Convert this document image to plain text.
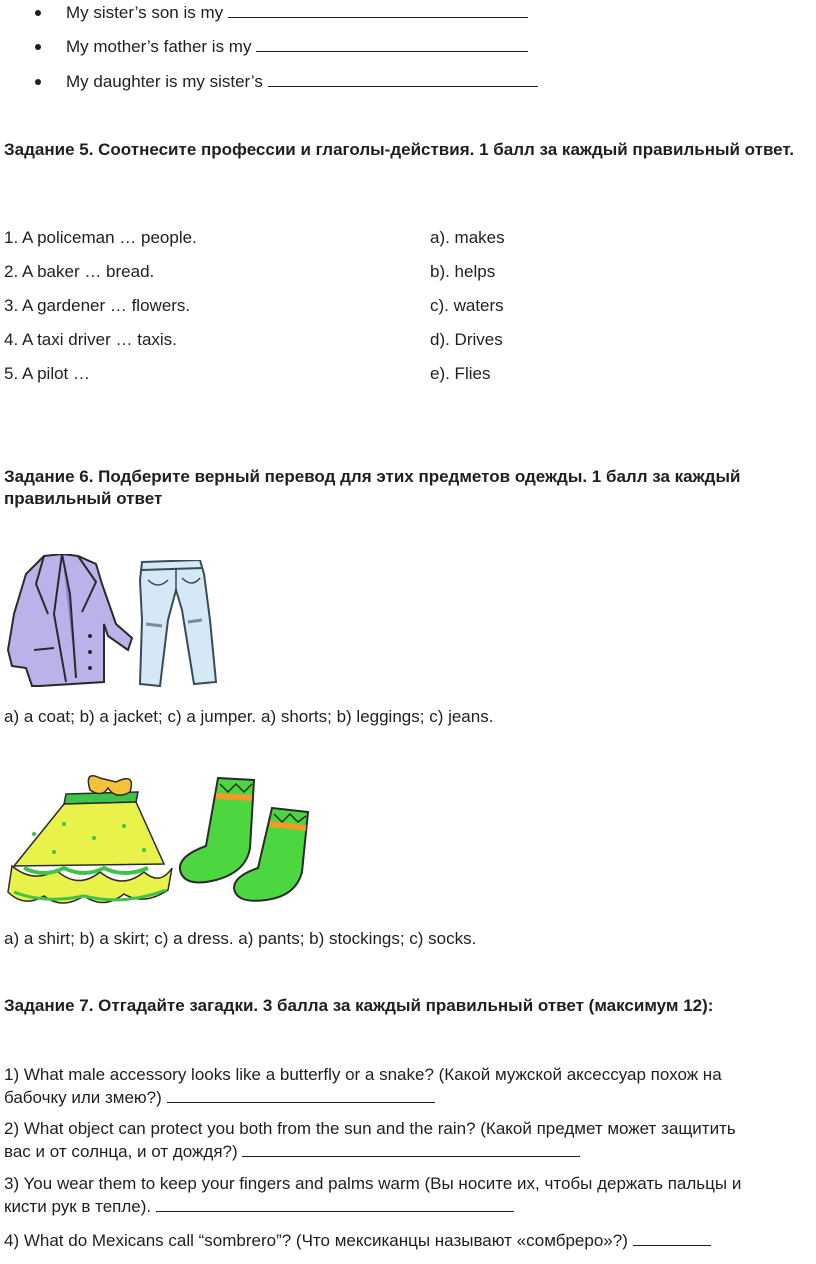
My sister’s son is my
My mother’s father is my
My daughter is my sister’s
Задание 5. Соотнесите профессии и глаголы-действия. 1 балл за каждый правильный ответ.
1. A policeman … people.
2. A baker … bread.
3. A gardener … flowers.
4. A taxi driver … taxis.
5. A pilot …
a). makes
b). helps
c). waters
d). Drives
e). Flies
Задание 6. Подберите верный перевод для этих предметов одежды. 1 балл за каждый правильный ответ
a) a coat; b) a jacket; c) a jumper. a) shorts; b) leggings; c) jeans.
a) a shirt; b) a skirt; c) a dress. a) pants; b) stockings; c) socks.
Задание 7. Отгадайте загадки. 3 балла за каждый правильный ответ (максимум 12):
1) What male accessory looks like a butterfly or a snake? (Какой мужской аксессуар похож на
бабочку или змею?)
2) What object can protect you both from the sun and the rain? (Какой предмет может защитить
вас и от солнца, и от дождя?)
3) You wear them to keep your fingers and palms warm (Вы носите их, чтобы держать пальцы и
кисти рук в тепле).
4) What do Mexicans call “sombrero”? (Что мексиканцы называют «сомбреро»?)
